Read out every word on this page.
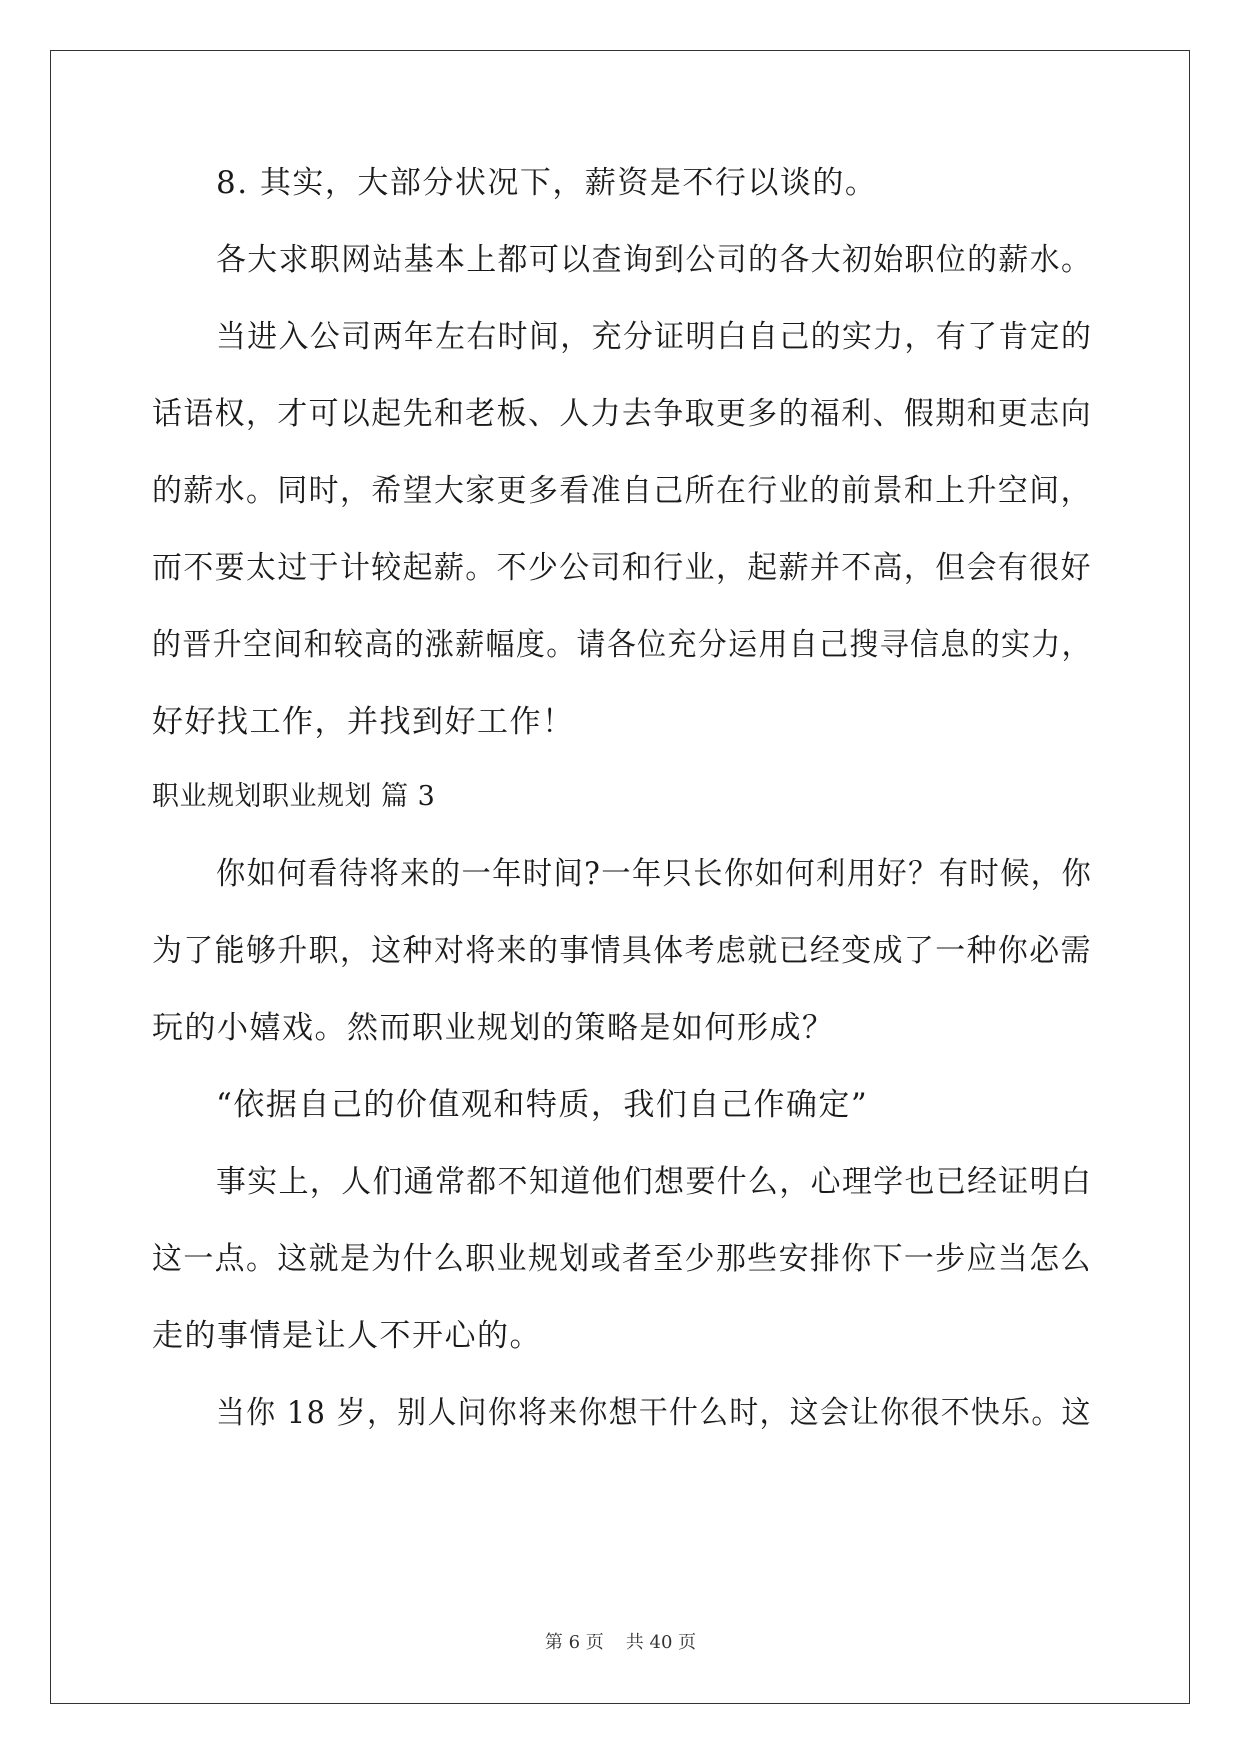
8. 其实，大部分状况下，薪资是不行以谈的。
各大求职网站基本上都可以查询到公司的各大初始职位的薪水。
当进入公司两年左右时间，充分证明白自己的实力，有了肯定的
话语权，才可以起先和老板、人力去争取更多的福利、假期和更志向
的薪水。同时，希望大家更多看准自己所在行业的前景和上升空间，
而不要太过于计较起薪。不少公司和行业，起薪并不高，但会有很好
的晋升空间和较高的涨薪幅度。请各位充分运用自己搜寻信息的实力，
好好找工作，并找到好工作！
职业规划职业规划 篇 3
你如何看待将来的一年时间?一年只长你如何利用好？有时候，你
为了能够升职，这种对将来的事情具体考虑就已经变成了一种你必需
玩的小嬉戏。然而职业规划的策略是如何形成？
“依据自己的价值观和特质，我们自己作确定”
事实上，人们通常都不知道他们想要什么，心理学也已经证明白
这一点。这就是为什么职业规划或者至少那些安排你下一步应当怎么
走的事情是让人不开心的。
当你 18 岁，别人问你将来你想干什么时，这会让你很不快乐。这
第 6 页 共 40 页
